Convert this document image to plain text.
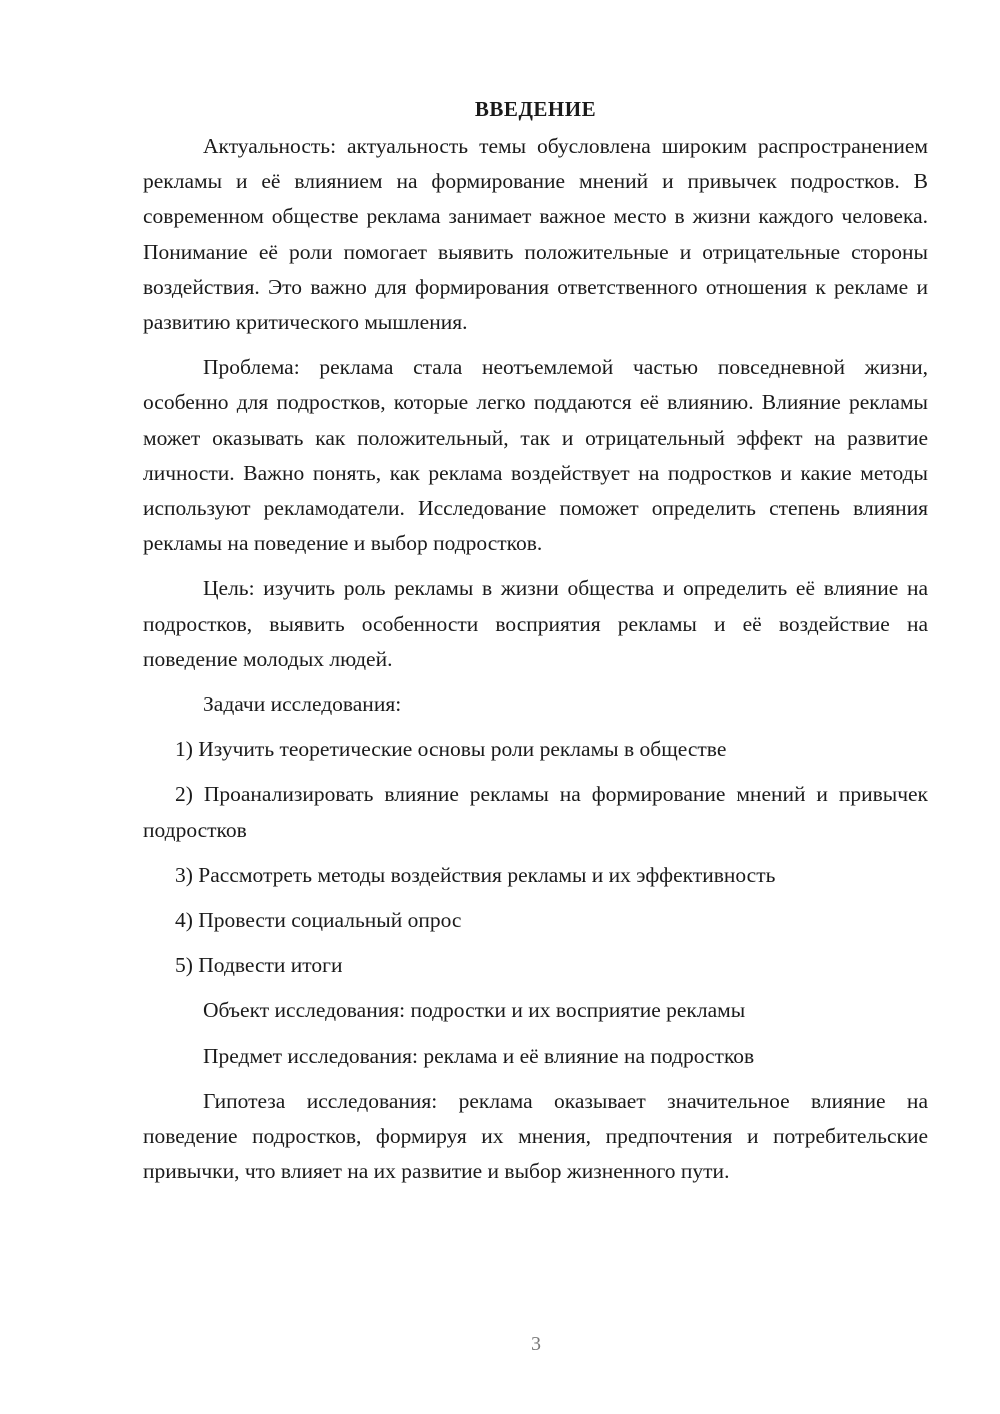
ВВЕДЕНИЕ

Актуальность: актуальность темы обусловлена широким распространением рекламы и её влиянием на формирование мнений и привычек подростков. В современном обществе реклама занимает важное место в жизни каждого человека. Понимание её роли помогает выявить положительные и отрицательные стороны воздействия. Это важно для формирования ответственного отношения к рекламе и развитию критического мышления.

Проблема: реклама стала неотъемлемой частью повседневной жизни, особенно для подростков, которые легко поддаются её влиянию. Влияние рекламы может оказывать как положительный, так и отрицательный эффект на развитие личности. Важно понять, как реклама воздействует на подростков и какие методы используют рекламодатели. Исследование поможет определить степень влияния рекламы на поведение и выбор подростков.

Цель: изучить роль рекламы в жизни общества и определить её влияние на подростков, выявить особенности восприятия рекламы и её воздействие на поведение молодых людей.

Задачи исследования:

1) Изучить теоретические основы роли рекламы в обществе

2) Проанализировать влияние рекламы на формирование мнений и привычек подростков

3) Рассмотреть методы воздействия рекламы и их эффективность

4) Провести социальный опрос

5) Подвести итоги

Объект исследования: подростки и их восприятие рекламы

Предмет исследования: реклама и её влияние на подростков

Гипотеза исследования: реклама оказывает значительное влияние на поведение подростков, формируя их мнения, предпочтения и потребительские привычки, что влияет на их развитие и выбор жизненного пути.

3
